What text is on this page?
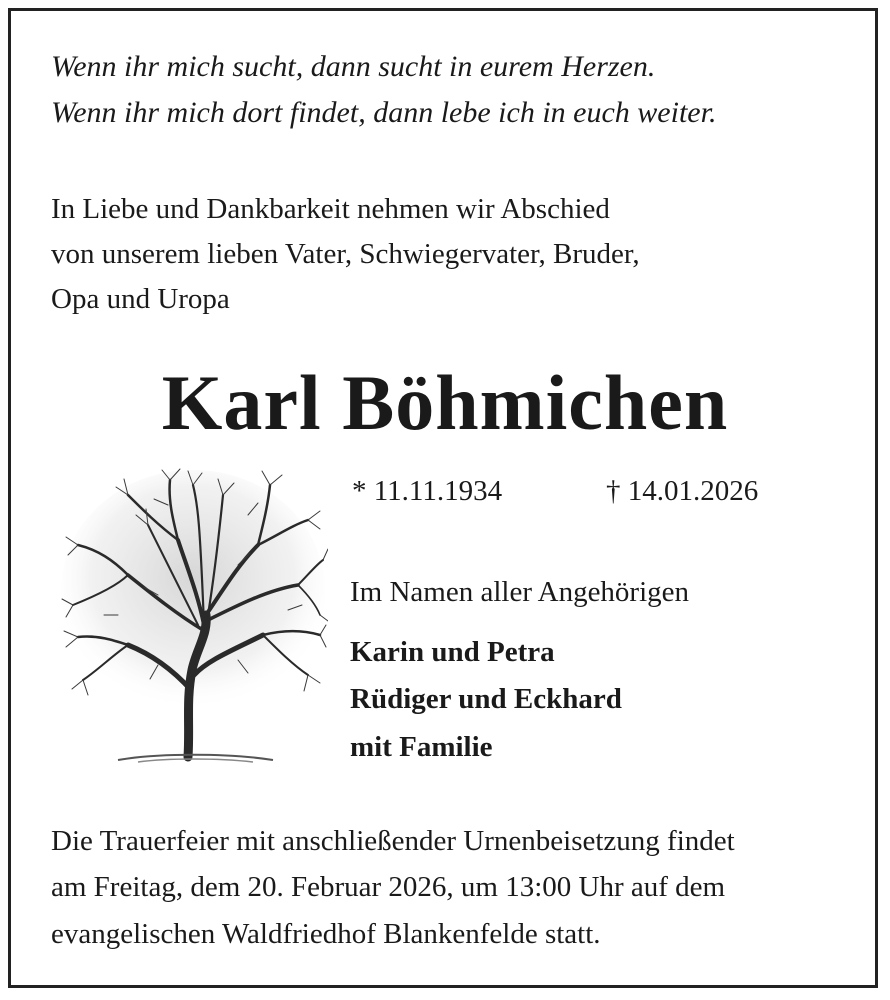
Wenn ihr mich sucht, dann sucht in eurem Herzen.
Wenn ihr mich dort findet, dann lebe ich in euch weiter.
In Liebe und Dankbarkeit nehmen wir Abschied
von unserem lieben Vater, Schwiegervater, Bruder,
Opa und Uropa
Karl Böhmichen
* 11.11.1934	† 14.01.2026
Im Namen aller Angehörigen
Karin und Petra
Rüdiger und Eckhard
mit Familie
Die Trauerfeier mit anschließender Urnenbeisetzung findet
am Freitag, dem 20. Februar 2026, um 13:00 Uhr auf dem
evangelischen Waldfriedhof Blankenfelde statt.
